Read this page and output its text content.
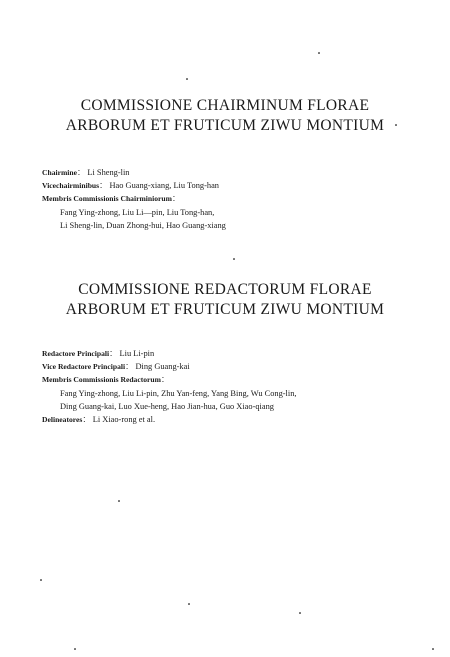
COMMISSIONE CHAIRMINUM FLORAE
ARBORUM ET FRUTICUM ZIWU MONTIUM
Chairmine： Li Sheng-lin
Vicechairminibus： Hao Guang-xiang, Liu Tong-han
Membris Commissionis Chairminiorum：
Fang Ying-zhong, Liu Li—pin, Liu Tong-han,
Li Sheng-lin, Duan Zhong-hui, Hao Guang-xiang
COMMISSIONE REDACTORUM FLORAE
ARBORUM ET FRUTICUM ZIWU MONTIUM
Redactore Principali： Liu Li-pin
Vice Redactore Principali： Ding Guang-kai
Membris Commissionis Redactorum：
Fang Ying-zhong, Liu Li-pin, Zhu Yan-feng, Yang Bing, Wu Cong-lin,
Ding Guang-kai, Luo Xue-heng, Hao Jian-hua, Guo Xiao-qiang
Delineatores： Li Xiao-rong et al.
